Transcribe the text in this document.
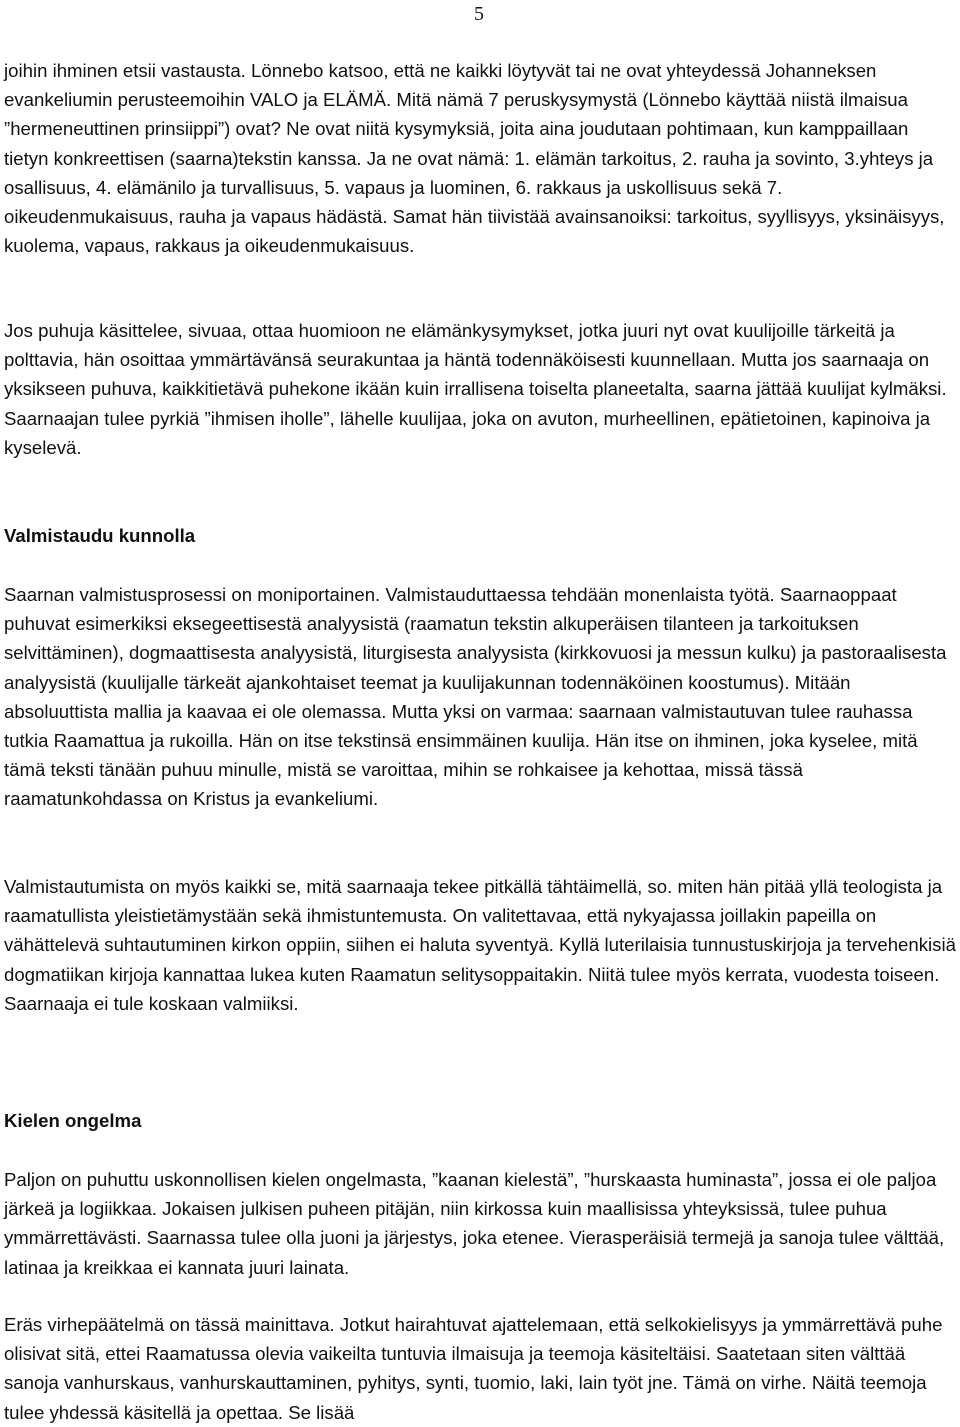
5

joihin ihminen etsii vastausta. Lönnebo katsoo, että ne kaikki löytyvät tai ne ovat yhteydessä Johanneksen evankeliumin perusteemoihin VALO ja ELÄMÄ. Mitä nämä 7 peruskysymystä (Lönnebo käyttää niistä ilmaisua ”hermeneuttinen prinsiippi”) ovat? Ne ovat niitä kysymyksiä, joita aina joudutaan pohtimaan, kun kamppaillaan tietyn konkreettisen (saarna)tekstin kanssa. Ja ne ovat nämä: 1. elämän tarkoitus, 2. rauha ja sovinto, 3.yhteys ja osallisuus, 4. elämänilo ja turvallisuus, 5. vapaus ja luominen, 6. rakkaus ja uskollisuus sekä 7. oikeudenmukaisuus, rauha ja vapaus hädästä. Samat hän tiivistää avainsanoiksi: tarkoitus, syyllisyys, yksinäisyys, kuolema, vapaus, rakkaus ja oikeudenmukaisuus.

Jos puhuja käsittelee, sivuaa, ottaa huomioon ne elämänkysymykset, jotka juuri nyt ovat kuulijoille tärkeitä ja polttavia, hän osoittaa ymmärtävänsä seurakuntaa ja häntä todennäköisesti kuunnellaan. Mutta jos saarnaaja on yksikseen puhuva, kaikkitietävä puhekone ikään kuin irrallisena toiselta planeetalta, saarna jättää kuulijat kylmäksi. Saarnaajan tulee pyrkiä ”ihmisen iholle”, lähelle kuulijaa, joka on avuton, murheellinen, epätietoinen, kapinoiva ja kyselevä.

Valmistaudu kunnolla

Saarnan valmistusprosessi on moniportainen. Valmistauduttaessa tehdään monenlaista työtä. Saarnaoppaat puhuvat esimerkiksi eksegeettisestä analyysistä (raamatun tekstin alkuperäisen tilanteen ja tarkoituksen selvittäminen), dogmaattisesta analyysistä, liturgisesta analyysista (kirkkovuosi ja messun kulku) ja pastoraalisesta analyysistä (kuulijalle tärkeät ajankohtaiset teemat ja kuulijakunnan todennäköinen koostumus). Mitään absoluuttista mallia ja kaavaa ei ole olemassa. Mutta yksi on varmaa: saarnaan valmistautuvan tulee rauhassa tutkia Raamattua ja rukoilla. Hän on itse tekstinsä ensimmäinen kuulija. Hän itse on ihminen, joka kyselee, mitä tämä teksti tänään puhuu minulle, mistä se varoittaa, mihin se rohkaisee ja kehottaa, missä tässä raamatunkohdassa on Kristus ja evankeliumi.

Valmistautumista on myös kaikki se, mitä saarnaaja tekee pitkällä tähtäimellä, so. miten hän pitää yllä teologista ja raamatullista yleistietämystään sekä ihmistuntemusta. On valitettavaa, että nykyajassa joillakin papeilla on vähättelevä suhtautuminen kirkon oppiin, siihen ei haluta syventyä. Kyllä luterilaisia tunnustuskirjoja ja tervehenkisiä dogmatiikan kirjoja kannattaa lukea kuten Raamatun selitysoppaitakin. Niitä tulee myös kerrata, vuodesta toiseen. Saarnaaja ei tule koskaan valmiiksi.

Kielen ongelma

Paljon on puhuttu uskonnollisen kielen ongelmasta, ”kaanan kielestä”, ”hurskaasta huminasta”, jossa ei ole paljoa järkeä ja logiikkaa. Jokaisen julkisen puheen pitäjän, niin kirkossa kuin maallisissa yhteyksissä, tulee puhua ymmärrettävästi. Saarnassa tulee olla juoni ja järjestys, joka etenee. Vierasperäisiä termejä ja sanoja tulee välttää, latinaa ja kreikkaa ei kannata juuri lainata.

Eräs virhepäätelmä on tässä mainittava. Jotkut hairahtuvat ajattelemaan, että selkokielisyys ja ymmärrettävä puhe olisivat sitä, ettei Raamatussa olevia vaikeilta tuntuvia ilmaisuja ja teemoja käsiteltäisi. Saatetaan siten välttää sanoja vanhurskaus, vanhurskauttaminen, pyhitys, synti, tuomio, laki, lain työt jne. Tämä on virhe. Näitä teemoja tulee yhdessä käsitellä ja opettaa. Se lisää
